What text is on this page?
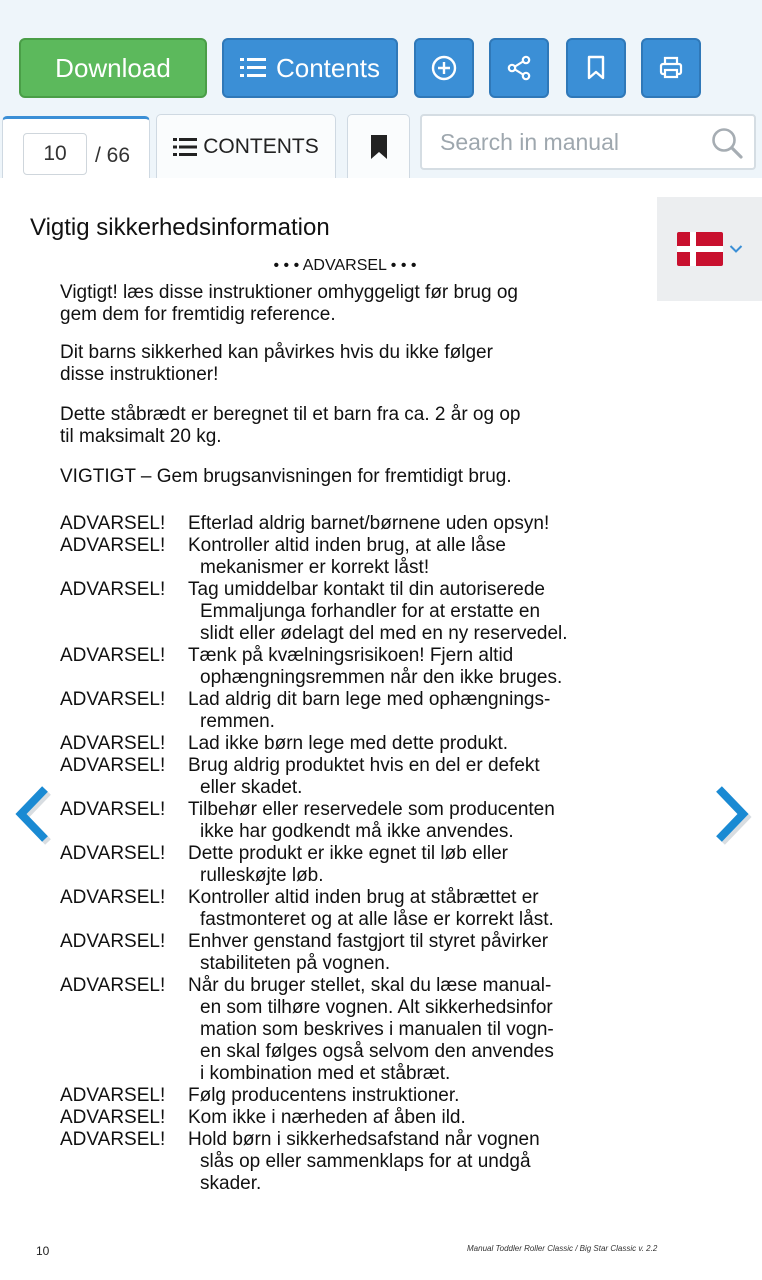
Download	Contents
10
/ 66	CONTENTS
Search in manual
Vigtig sikkerhedsinformation
• • • ADVARSEL • • •
Vigtigt! læs disse instruktioner omhyggeligt før brug og
gem dem for fremtidig reference.
Dit barns sikkerhed kan påvirkes hvis du ikke følger
disse instruktioner!
Dette ståbrædt er beregnet til et barn fra ca. 2 år og op
til maksimalt 20 kg.
VIGTIGT – Gem brugsanvisningen for fremtidigt brug.
ADVARSEL! Efterlad aldrig barnet/børnene uden opsyn!
ADVARSEL! Kontroller altid inden brug, at alle låse
mekanismer er korrekt låst!
ADVARSEL! Tag umiddelbar kontakt til din autoriserede
Emmaljunga forhandler for at erstatte en
slidt eller ødelagt del med en ny reservedel.
ADVARSEL! Tænk på kvælningsrisikoen! Fjern altid
ophængningsremmen når den ikke bruges.
ADVARSEL! Lad aldrig dit barn lege med ophængnings-
remmen.
ADVARSEL! Lad ikke børn lege med dette produkt.
ADVARSEL! Brug aldrig produktet hvis en del er defekt
eller skadet.
ADVARSEL! Tilbehør eller reservedele som producenten
ikke har godkendt må ikke anvendes.
ADVARSEL! Dette produkt er ikke egnet til løb eller
rulleskøjte løb.
ADVARSEL! Kontroller altid inden brug at ståbrættet er
fastmonteret og at alle låse er korrekt låst.
ADVARSEL! Enhver genstand fastgjort til styret påvirker
stabiliteten på vognen.
ADVARSEL! Når du bruger stellet, skal du læse manual-
en som tilhøre vognen. Alt sikkerhedsinfor
mation som beskrives i manualen til vogn-
en skal følges også selvom den anvendes
i kombination med et ståbræt.
ADVARSEL! Følg producentens instruktioner.
ADVARSEL! Kom ikke i nærheden af åben ild.
ADVARSEL! Hold børn i sikkerhedsafstand når vognen
slås op eller sammenklaps for at undgå
skader.
10	Manual Toddler Roller Classic / Big Star Classic v. 2.2
